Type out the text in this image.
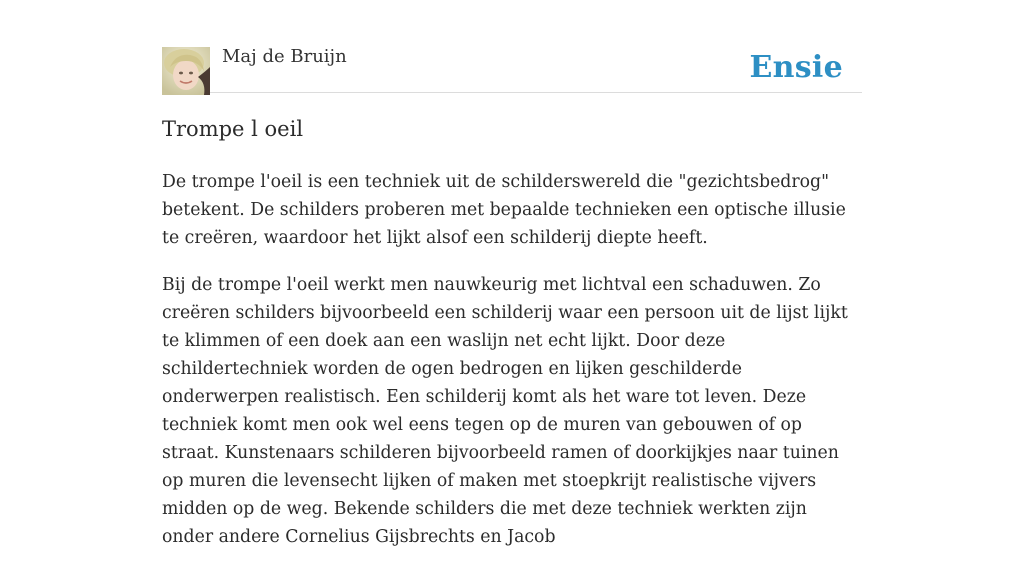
Maj de Bruijn	Ensie
Trompe l oeil

De trompe l'oeil is een techniek uit de schilderswereld die "gezichtsbedrog" betekent. De schilders proberen met bepaalde technieken een optische illusie te creëren, waardoor het lijkt alsof een schilderij diepte heeft.

Bij de trompe l'oeil werkt men nauwkeurig met lichtval een schaduwen. Zo creëren schilders bijvoorbeeld een schilderij waar een persoon uit de lijst lijkt te klimmen of een doek aan een waslijn net echt lijkt. Door deze schildertechniek worden de ogen bedrogen en lijken geschilderde onderwerpen realistisch. Een schilderij komt als het ware tot leven. Deze techniek komt men ook wel eens tegen op de muren van gebouwen of op straat. Kunstenaars schilderen bijvoorbeeld ramen of doorkijkjes naar tuinen op muren die levensecht lijken of maken met stoepkrijt realistische vijvers midden op de weg. Bekende schilders die met deze techniek werkten zijn onder andere Cornelius Gijsbrechts en Jacob
